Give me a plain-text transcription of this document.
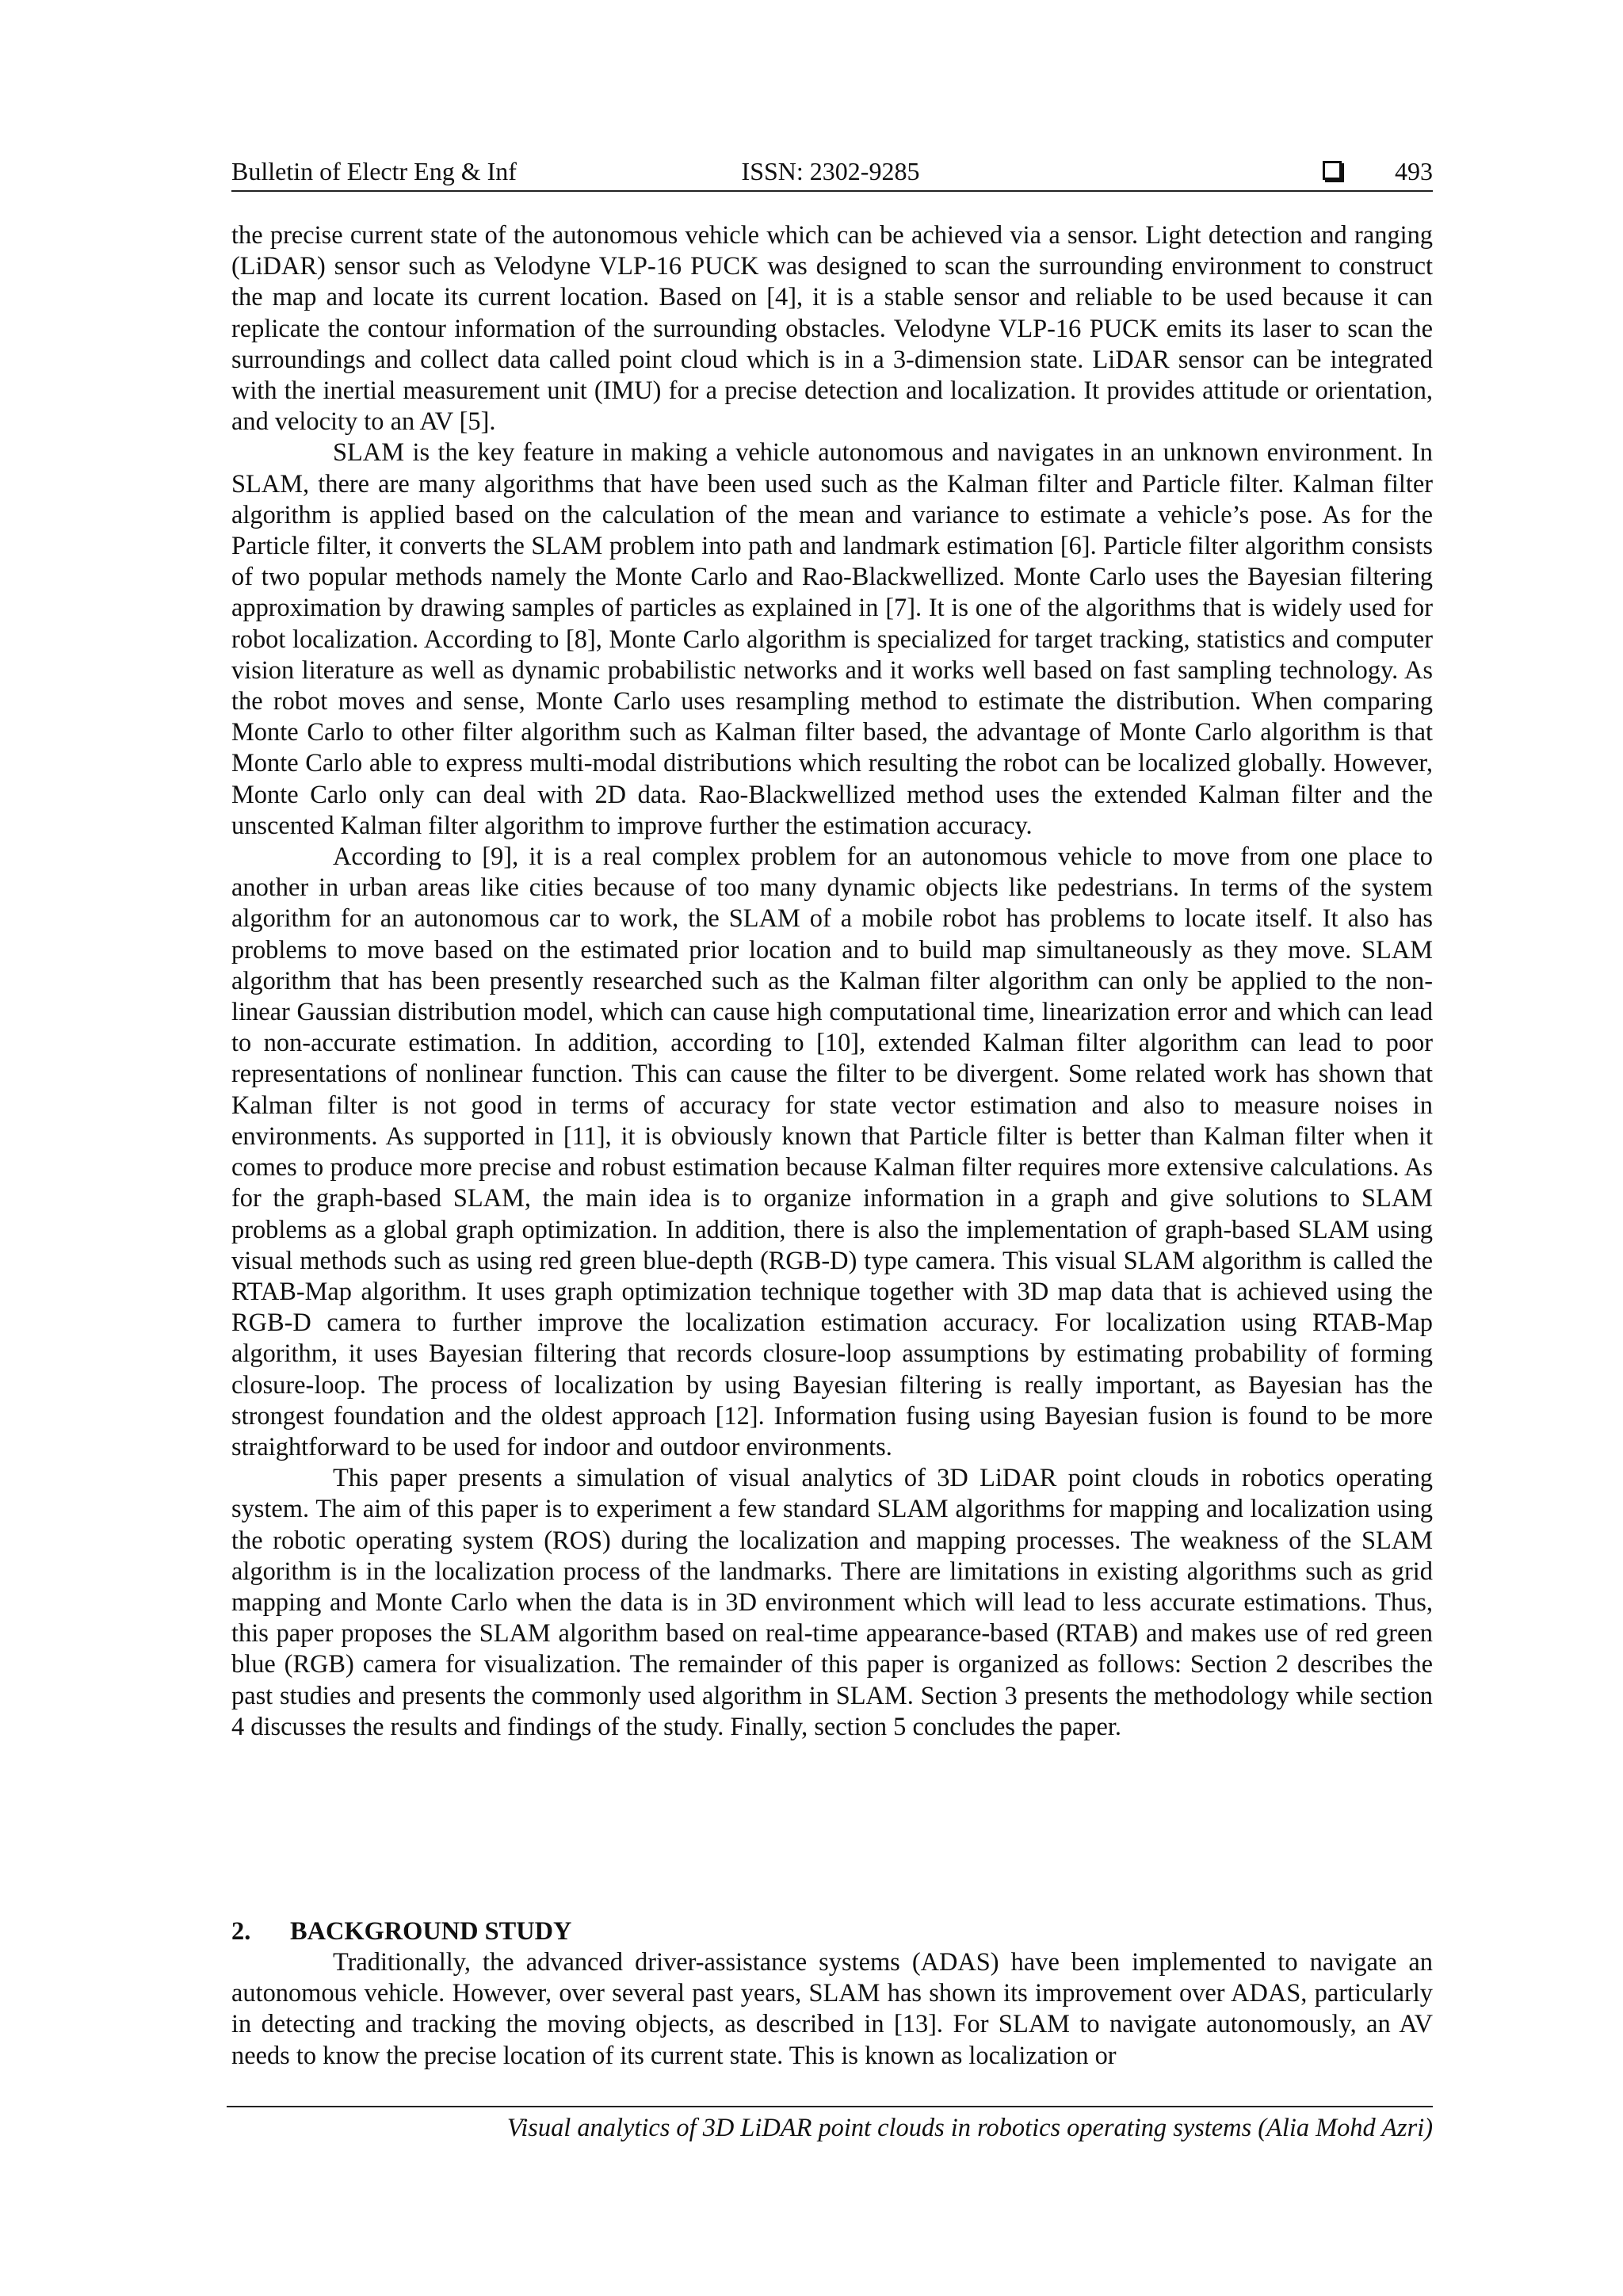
Bulletin of Electr Eng & Inf	ISSN: 2302-9285	493

the precise current state of the autonomous vehicle which can be achieved via a sensor. Light detection and ranging (LiDAR) sensor such as Velodyne VLP-16 PUCK was designed to scan the surrounding environment to construct the map and locate its current location. Based on [4], it is a stable sensor and reliable to be used because it can replicate the contour information of the surrounding obstacles. Velodyne VLP-16 PUCK emits its laser to scan the surroundings and collect data called point cloud which is in a 3-dimension state. LiDAR sensor can be integrated with the inertial measurement unit (IMU) for a precise detection and localization. It provides attitude or orientation, and velocity to an AV [5].

SLAM is the key feature in making a vehicle autonomous and navigates in an unknown environment. In SLAM, there are many algorithms that have been used such as the Kalman filter and Particle filter. Kalman filter algorithm is applied based on the calculation of the mean and variance to estimate a vehicle’s pose. As for the Particle filter, it converts the SLAM problem into path and landmark estimation [6]. Particle filter algorithm consists of two popular methods namely the Monte Carlo and Rao-Blackwellized. Monte Carlo uses the Bayesian filtering approximation by drawing samples of particles as explained in [7]. It is one of the algorithms that is widely used for robot localization. According to [8], Monte Carlo algorithm is specialized for target tracking, statistics and computer vision literature as well as dynamic probabilistic networks and it works well based on fast sampling technology. As the robot moves and sense, Monte Carlo uses resampling method to estimate the distribution. When comparing Monte Carlo to other filter algorithm such as Kalman filter based, the advantage of Monte Carlo algorithm is that Monte Carlo able to express multi-modal distributions which resulting the robot can be localized globally. However, Monte Carlo only can deal with 2D data. Rao-Blackwellized method uses the extended Kalman filter and the unscented Kalman filter algorithm to improve further the estimation accuracy.

According to [9], it is a real complex problem for an autonomous vehicle to move from one place to another in urban areas like cities because of too many dynamic objects like pedestrians. In terms of the system algorithm for an autonomous car to work, the SLAM of a mobile robot has problems to locate itself. It also has problems to move based on the estimated prior location and to build map simultaneously as they move. SLAM algorithm that has been presently researched such as the Kalman filter algorithm can only be applied to the non-linear Gaussian distribution model, which can cause high computational time, linearization error and which can lead to non-accurate estimation. In addition, according to [10], extended Kalman filter algorithm can lead to poor representations of nonlinear function. This can cause the filter to be divergent. Some related work has shown that Kalman filter is not good in terms of accuracy for state vector estimation and also to measure noises in environments. As supported in [11], it is obviously known that Particle filter is better than Kalman filter when it comes to produce more precise and robust estimation because Kalman filter requires more extensive calculations. As for the graph-based SLAM, the main idea is to organize information in a graph and give solutions to SLAM problems as a global graph optimization. In addition, there is also the implementation of graph-based SLAM using visual methods such as using red green blue-depth (RGB-D) type camera. This visual SLAM algorithm is called the RTAB-Map algorithm. It uses graph optimization technique together with 3D map data that is achieved using the RGB-D camera to further improve the localization estimation accuracy. For localization using RTAB-Map algorithm, it uses Bayesian filtering that records closure-loop assumptions by estimating probability of forming closure-loop. The process of localization by using Bayesian filtering is really important, as Bayesian has the strongest foundation and the oldest approach [12]. Information fusing using Bayesian fusion is found to be more straightforward to be used for indoor and outdoor environments.

This paper presents a simulation of visual analytics of 3D LiDAR point clouds in robotics operating system. The aim of this paper is to experiment a few standard SLAM algorithms for mapping and localization using the robotic operating system (ROS) during the localization and mapping processes. The weakness of the SLAM algorithm is in the localization process of the landmarks. There are limitations in existing algorithms such as grid mapping and Monte Carlo when the data is in 3D environment which will lead to less accurate estimations. Thus, this paper proposes the SLAM algorithm based on real-time appearance-based (RTAB) and makes use of red green blue (RGB) camera for visualization. The remainder of this paper is organized as follows: Section 2 describes the past studies and presents the commonly used algorithm in SLAM. Section 3 presents the methodology while section 4 discusses the results and findings of the study. Finally, section 5 concludes the paper.

2. BACKGROUND STUDY

Traditionally, the advanced driver-assistance systems (ADAS) have been implemented to navigate an autonomous vehicle. However, over several past years, SLAM has shown its improvement over ADAS, particularly in detecting and tracking the moving objects, as described in [13]. For SLAM to navigate autonomously, an AV needs to know the precise location of its current state. This is known as localization or

Visual analytics of 3D LiDAR point clouds in robotics operating systems (Alia Mohd Azri)
